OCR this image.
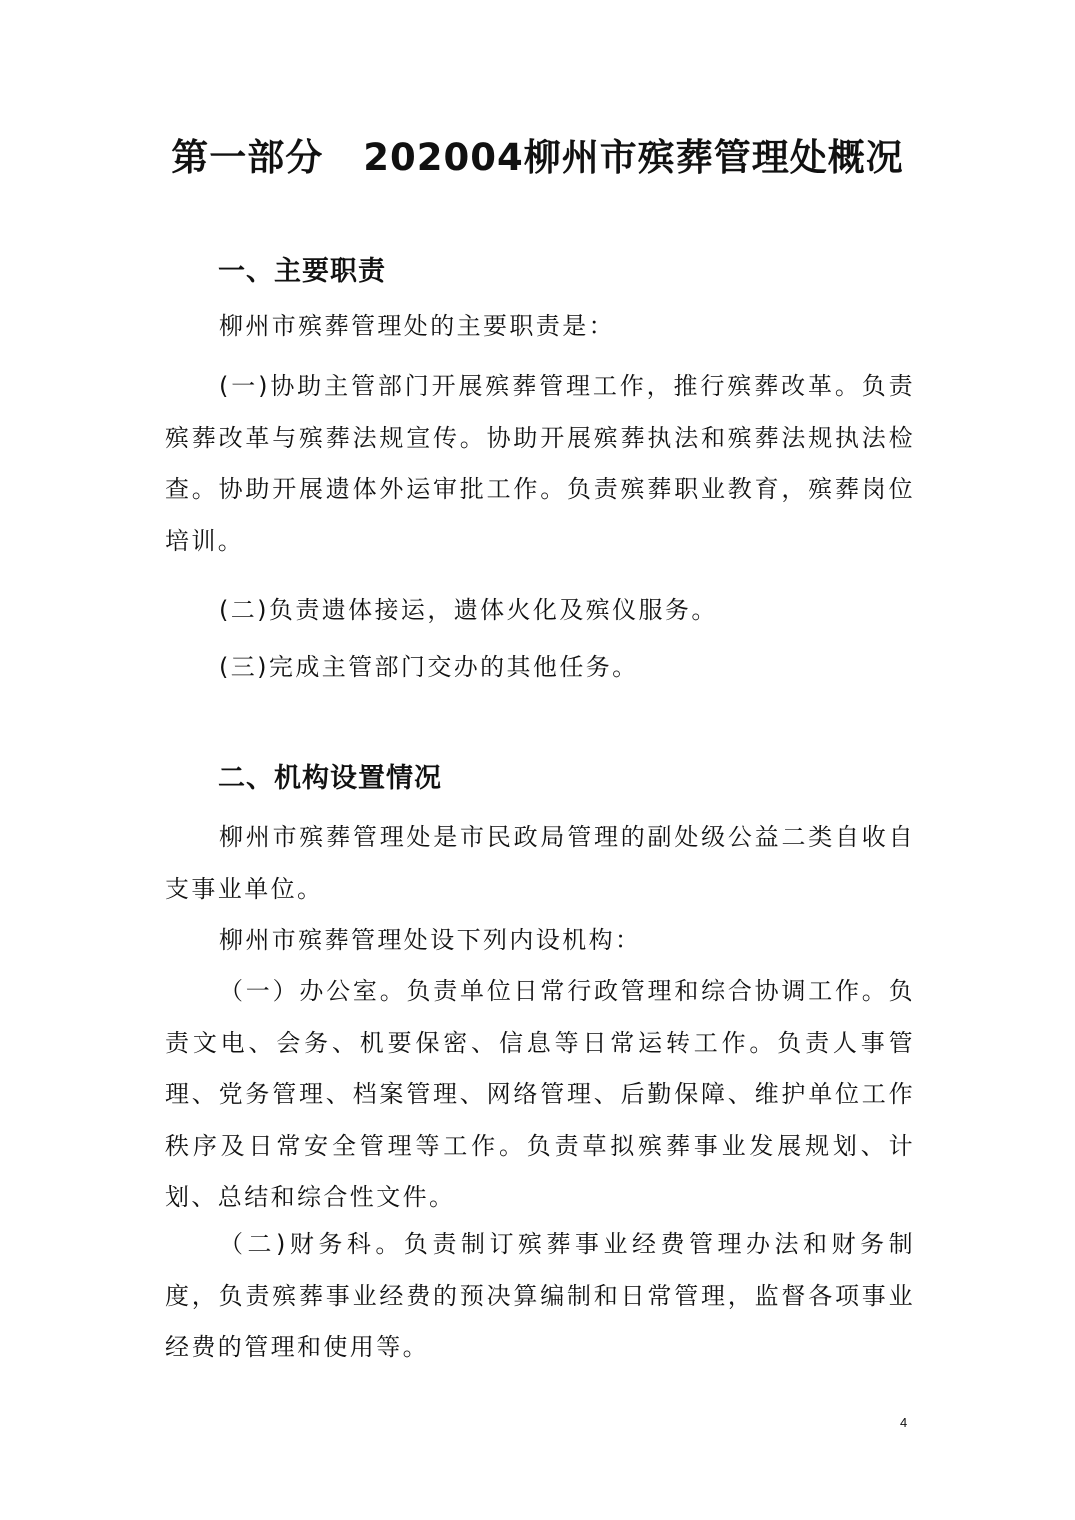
第一部分 202004柳州市殡葬管理处概况
一、主要职责

柳州市殡葬管理处的主要职责是：

(一)协助主管部门开展殡葬管理工作，推行殡葬改革。负责殡葬改革与殡葬法规宣传。协助开展殡葬执法和殡葬法规执法检查。协助开展遗体外运审批工作。负责殡葬职业教育，殡葬岗位培训。

(二)负责遗体接运，遗体火化及殡仪服务。

(三)完成主管部门交办的其他任务。

二、机构设置情况

柳州市殡葬管理处是市民政局管理的副处级公益二类自收自支事业单位。

柳州市殡葬管理处设下列内设机构：

（一）办公室。负责单位日常行政管理和综合协调工作。负责文电、会务、机要保密、信息等日常运转工作。负责人事管理、党务管理、档案管理、网络管理、后勤保障、维护单位工作秩序及日常安全管理等工作。负责草拟殡葬事业发展规划、计划、总结和综合性文件。

（二)财务科。负责制订殡葬事业经费管理办法和财务制度，负责殡葬事业经费的预决算编制和日常管理，监督各项事业经费的管理和使用等。

4
